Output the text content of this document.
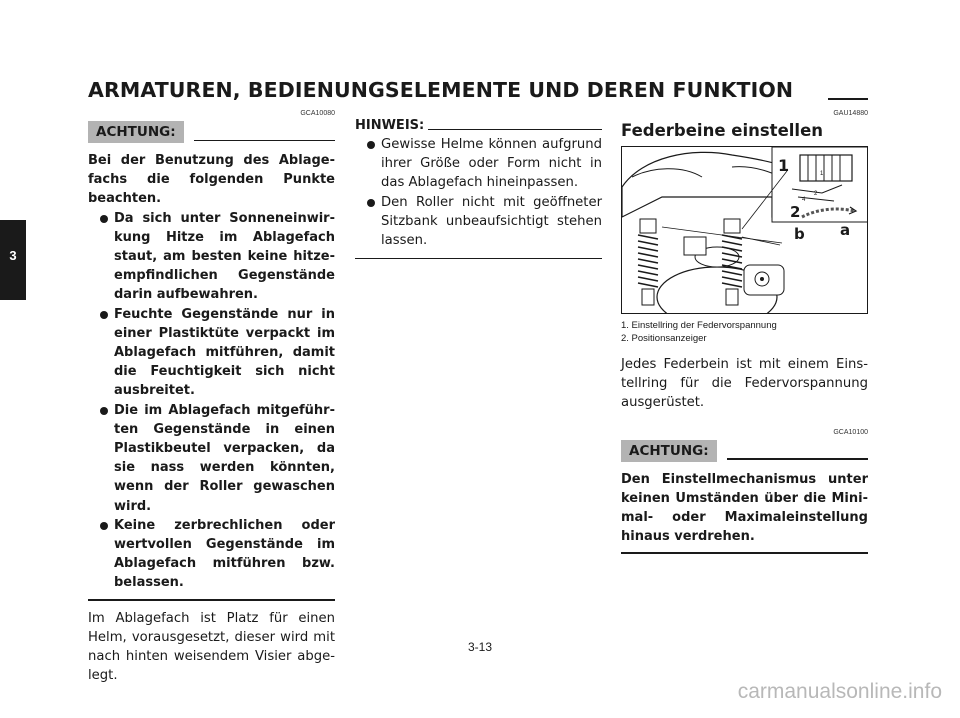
ARMATUREN, BEDIENUNGSELEMENTE UND DEREN FUNKTION
3
GCA10080
ACHTUNG:

Bei der Benutzung des Ablagefachs die folgenden Punkte beachten.

Da sich unter Sonneneinwirkung Hitze im Ablagefach staut, am besten keine hitzeempfindlichen Gegenstände darin aufbewahren.
Feuchte Gegenstände nur in einer Plastiktüte verpackt im Ablagefach mitführen, damit die Feuchtigkeit sich nicht ausbreitet.
Die im Ablagefach mitgeführten Gegenstände in einen Plastikbeutel verpacken, da sie nass werden könnten, wenn der Roller gewaschen wird.
Keine zerbrechlichen oder wertvollen Gegenstände im Ablagefach mitführen bzw. belassen.

Im Ablagefach ist Platz für einen Helm, vorausgesetzt, dieser wird mit nach hinten weisendem Visier abgelegt.

HINWEIS:
Gewisse Helme können aufgrund ihrer Größe oder Form nicht in das Ablagefach hineinpassen.
Den Roller nicht mit geöffneter Sitzbank unbeaufsichtigt stehen lassen.
GAU14880
Federbeine einstellen
1
2
b a
1
2
4
1. Einstellring der Federvorspannung
2. Positionsanzeiger

Jedes Federbein ist mit einem Einstellring für die Federvorspannung ausgerüstet.

GCA10100
ACHTUNG:

Den Einstellmechanismus unter keinen Umständen über die Minimal- oder Maximaleinstellung hinaus verdrehen.

3-13
carmanualsonline.info
